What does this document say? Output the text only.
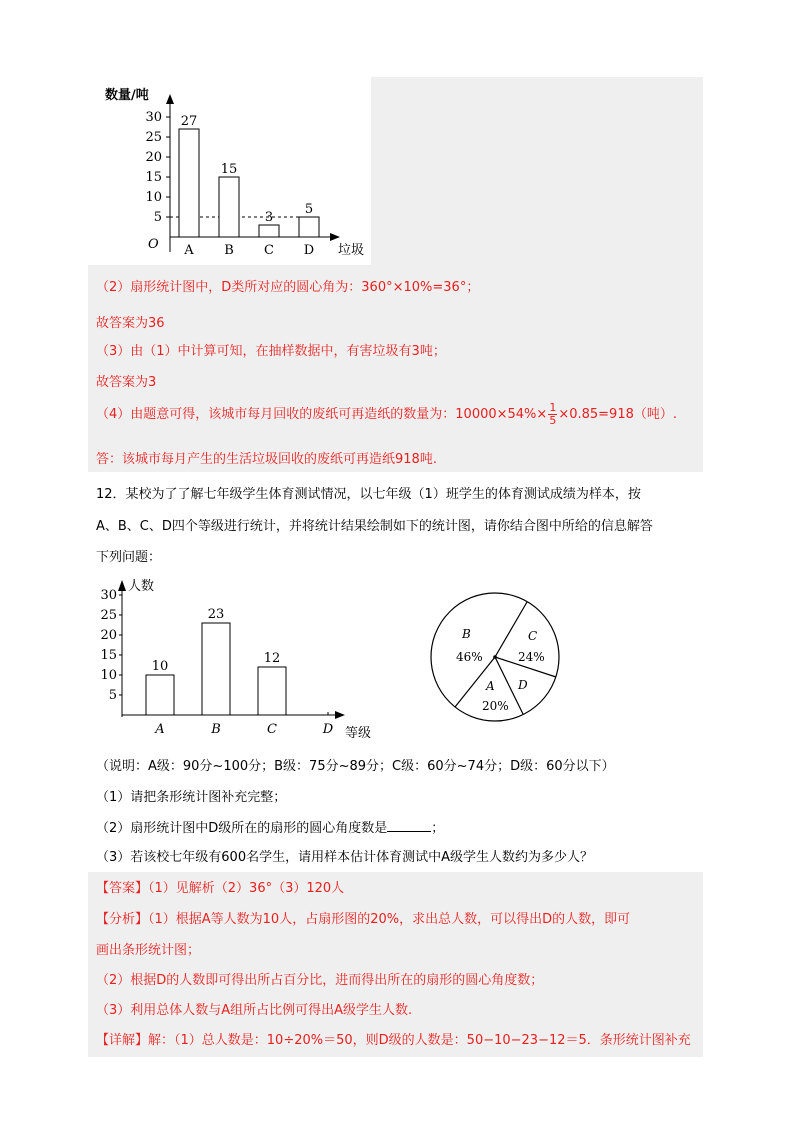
数量/吨
O
5
10
15
20
25
30 27
A
15
B
3
C
5
D 垃圾
（2）扇形统计图中，D类所对应的圆心角为：360°×10%=36°；
故答案为36
（3）由（1）中计算可知，在抽样数据中，有害垃圾有3吨；
故答案为3
（4）由题意可得，该城市每月回收的废纸可再造纸的数量为：$10000\times 54\%\times \frac{1}{5} \times 0.85=918$（吨）.
答：该城市每月产生的生活垃圾回收的废纸可再造纸918吨.
12．某校为了了解七年级学生体育测试情况，以七年级（1）班学生的体育测试成绩为样本，按
A、B、C、D四个等级进行统计，并将统计结果绘制如下的统计图，请你结合图中所给的信息解答
下列问题：
人数
5
10
15
20
25
30
10
A
23
B
12
C	D 等级
B
46%
C
24%
A
20%
D
（说明：A级：90分~100分；B级：75分~89分；C级：60分~74分；D级：60分以下）
（1）请把条形统计图补充完整；
（2）扇形统计图中D级所在的扇形的圆心角度数是	；
（3）若该校七年级有600名学生，请用样本估计体育测试中A级学生人数约为多少人？
【答案】（1）见解析（2）36°（3）120人
【分析】（1）根据A等人数为10人，占扇形图的20%，求出总人数，可以得出D的人数，即可
画出条形统计图；
（2）根据D的人数即可得出所占百分比，进而得出所在的扇形的圆心角度数；
（3）利用总体人数与A组所占比例可得出A级学生人数.
【详解】解：（1）总人数是：10÷20%＝50，则D级的人数是：50−10−23−12＝5．条形统计图补充
